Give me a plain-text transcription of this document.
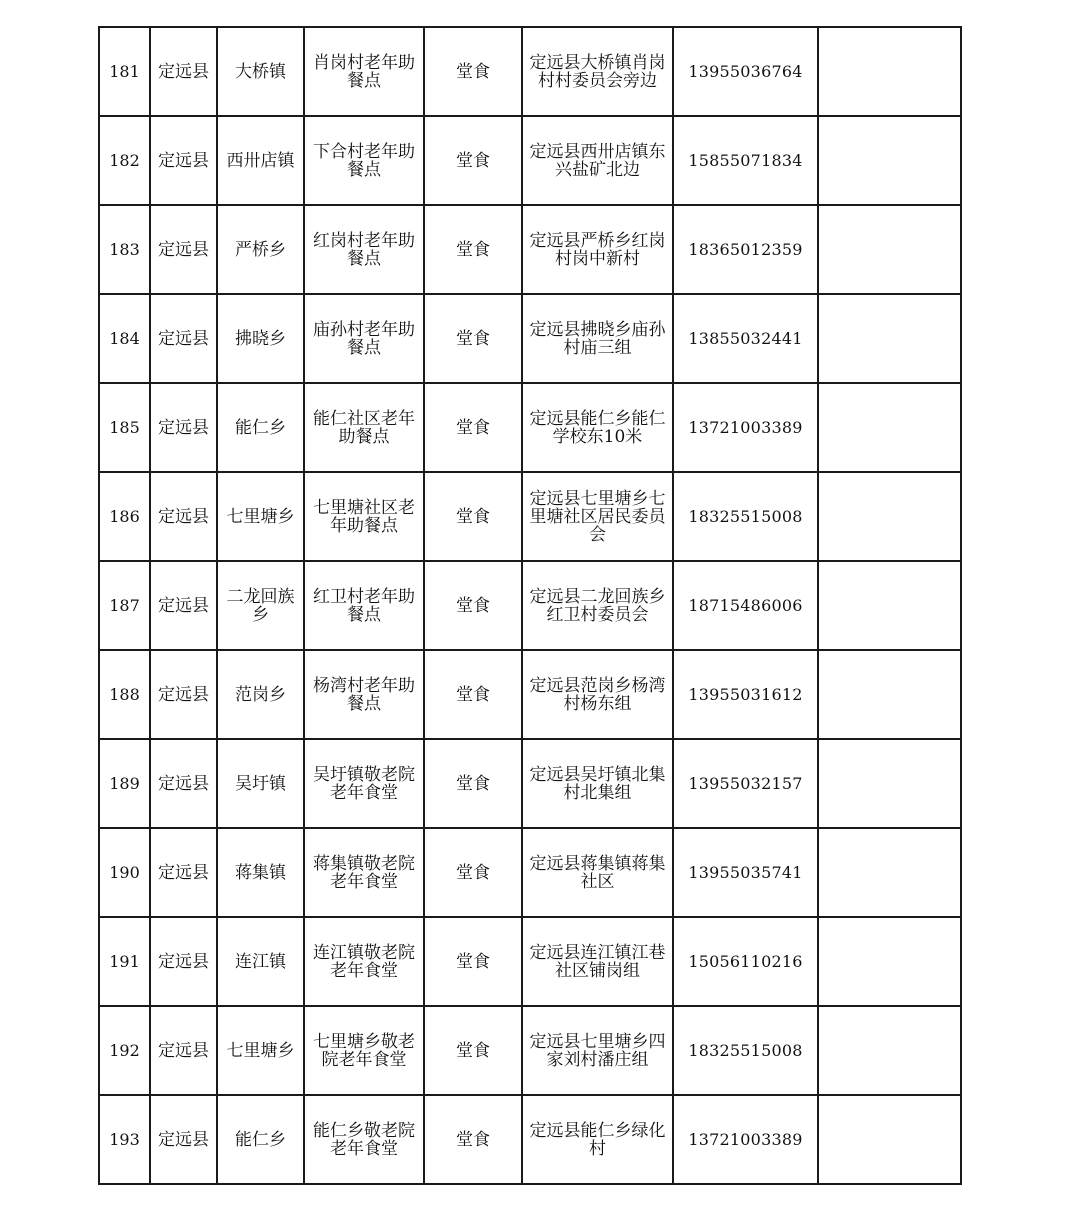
181	定远县	大桥镇	肖岗村老年助餐点	堂食	定远县大桥镇肖岗村村委员会旁边	13955036764	
182	定远县	西卅店镇	下合村老年助餐点	堂食	定远县西卅店镇东兴盐矿北边	15855071834	
183	定远县	严桥乡	红岗村老年助餐点	堂食	定远县严桥乡红岗村岗中新村	18365012359	
184	定远县	拂晓乡	庙孙村老年助餐点	堂食	定远县拂晓乡庙孙村庙三组	13855032441	
185	定远县	能仁乡	能仁社区老年助餐点	堂食	定远县能仁乡能仁学校东10米	13721003389	
186	定远县	七里塘乡	七里塘社区老年助餐点	堂食	定远县七里塘乡七里塘社区居民委员会	18325515008	
187	定远县	二龙回族乡	红卫村老年助餐点	堂食	定远县二龙回族乡红卫村委员会	18715486006	
188	定远县	范岗乡	杨湾村老年助餐点	堂食	定远县范岗乡杨湾村杨东组	13955031612	
189	定远县	吴圩镇	吴圩镇敬老院老年食堂	堂食	定远县吴圩镇北集村北集组	13955032157	
190	定远县	蒋集镇	蒋集镇敬老院老年食堂	堂食	定远县蒋集镇蒋集社区	13955035741	
191	定远县	连江镇	连江镇敬老院老年食堂	堂食	定远县连江镇江巷社区铺岗组	15056110216	
192	定远县	七里塘乡	七里塘乡敬老院老年食堂	堂食	定远县七里塘乡四家刘村潘庄组	18325515008	
193	定远县	能仁乡	能仁乡敬老院老年食堂	堂食	定远县能仁乡绿化村	13721003389	
